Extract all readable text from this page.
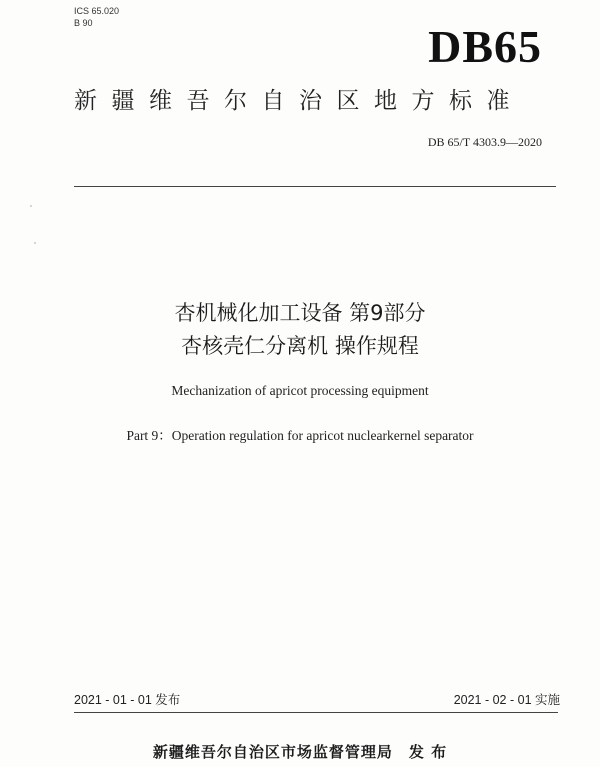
ICS 65.020
B 90	DB65
新疆维吾尔自治区地方标准
DB 65/T 4303.9—2020
杏机械化加工设备 第9部分
杏核壳仁分离机 操作规程
Mechanization of apricot processing equipment
Part 9：Operation regulation for apricot nuclearkernel separator
2021 - 01 - 01 发布	2021 - 02 - 01 实施
新疆维吾尔自治区市场监督管理局 发 布
